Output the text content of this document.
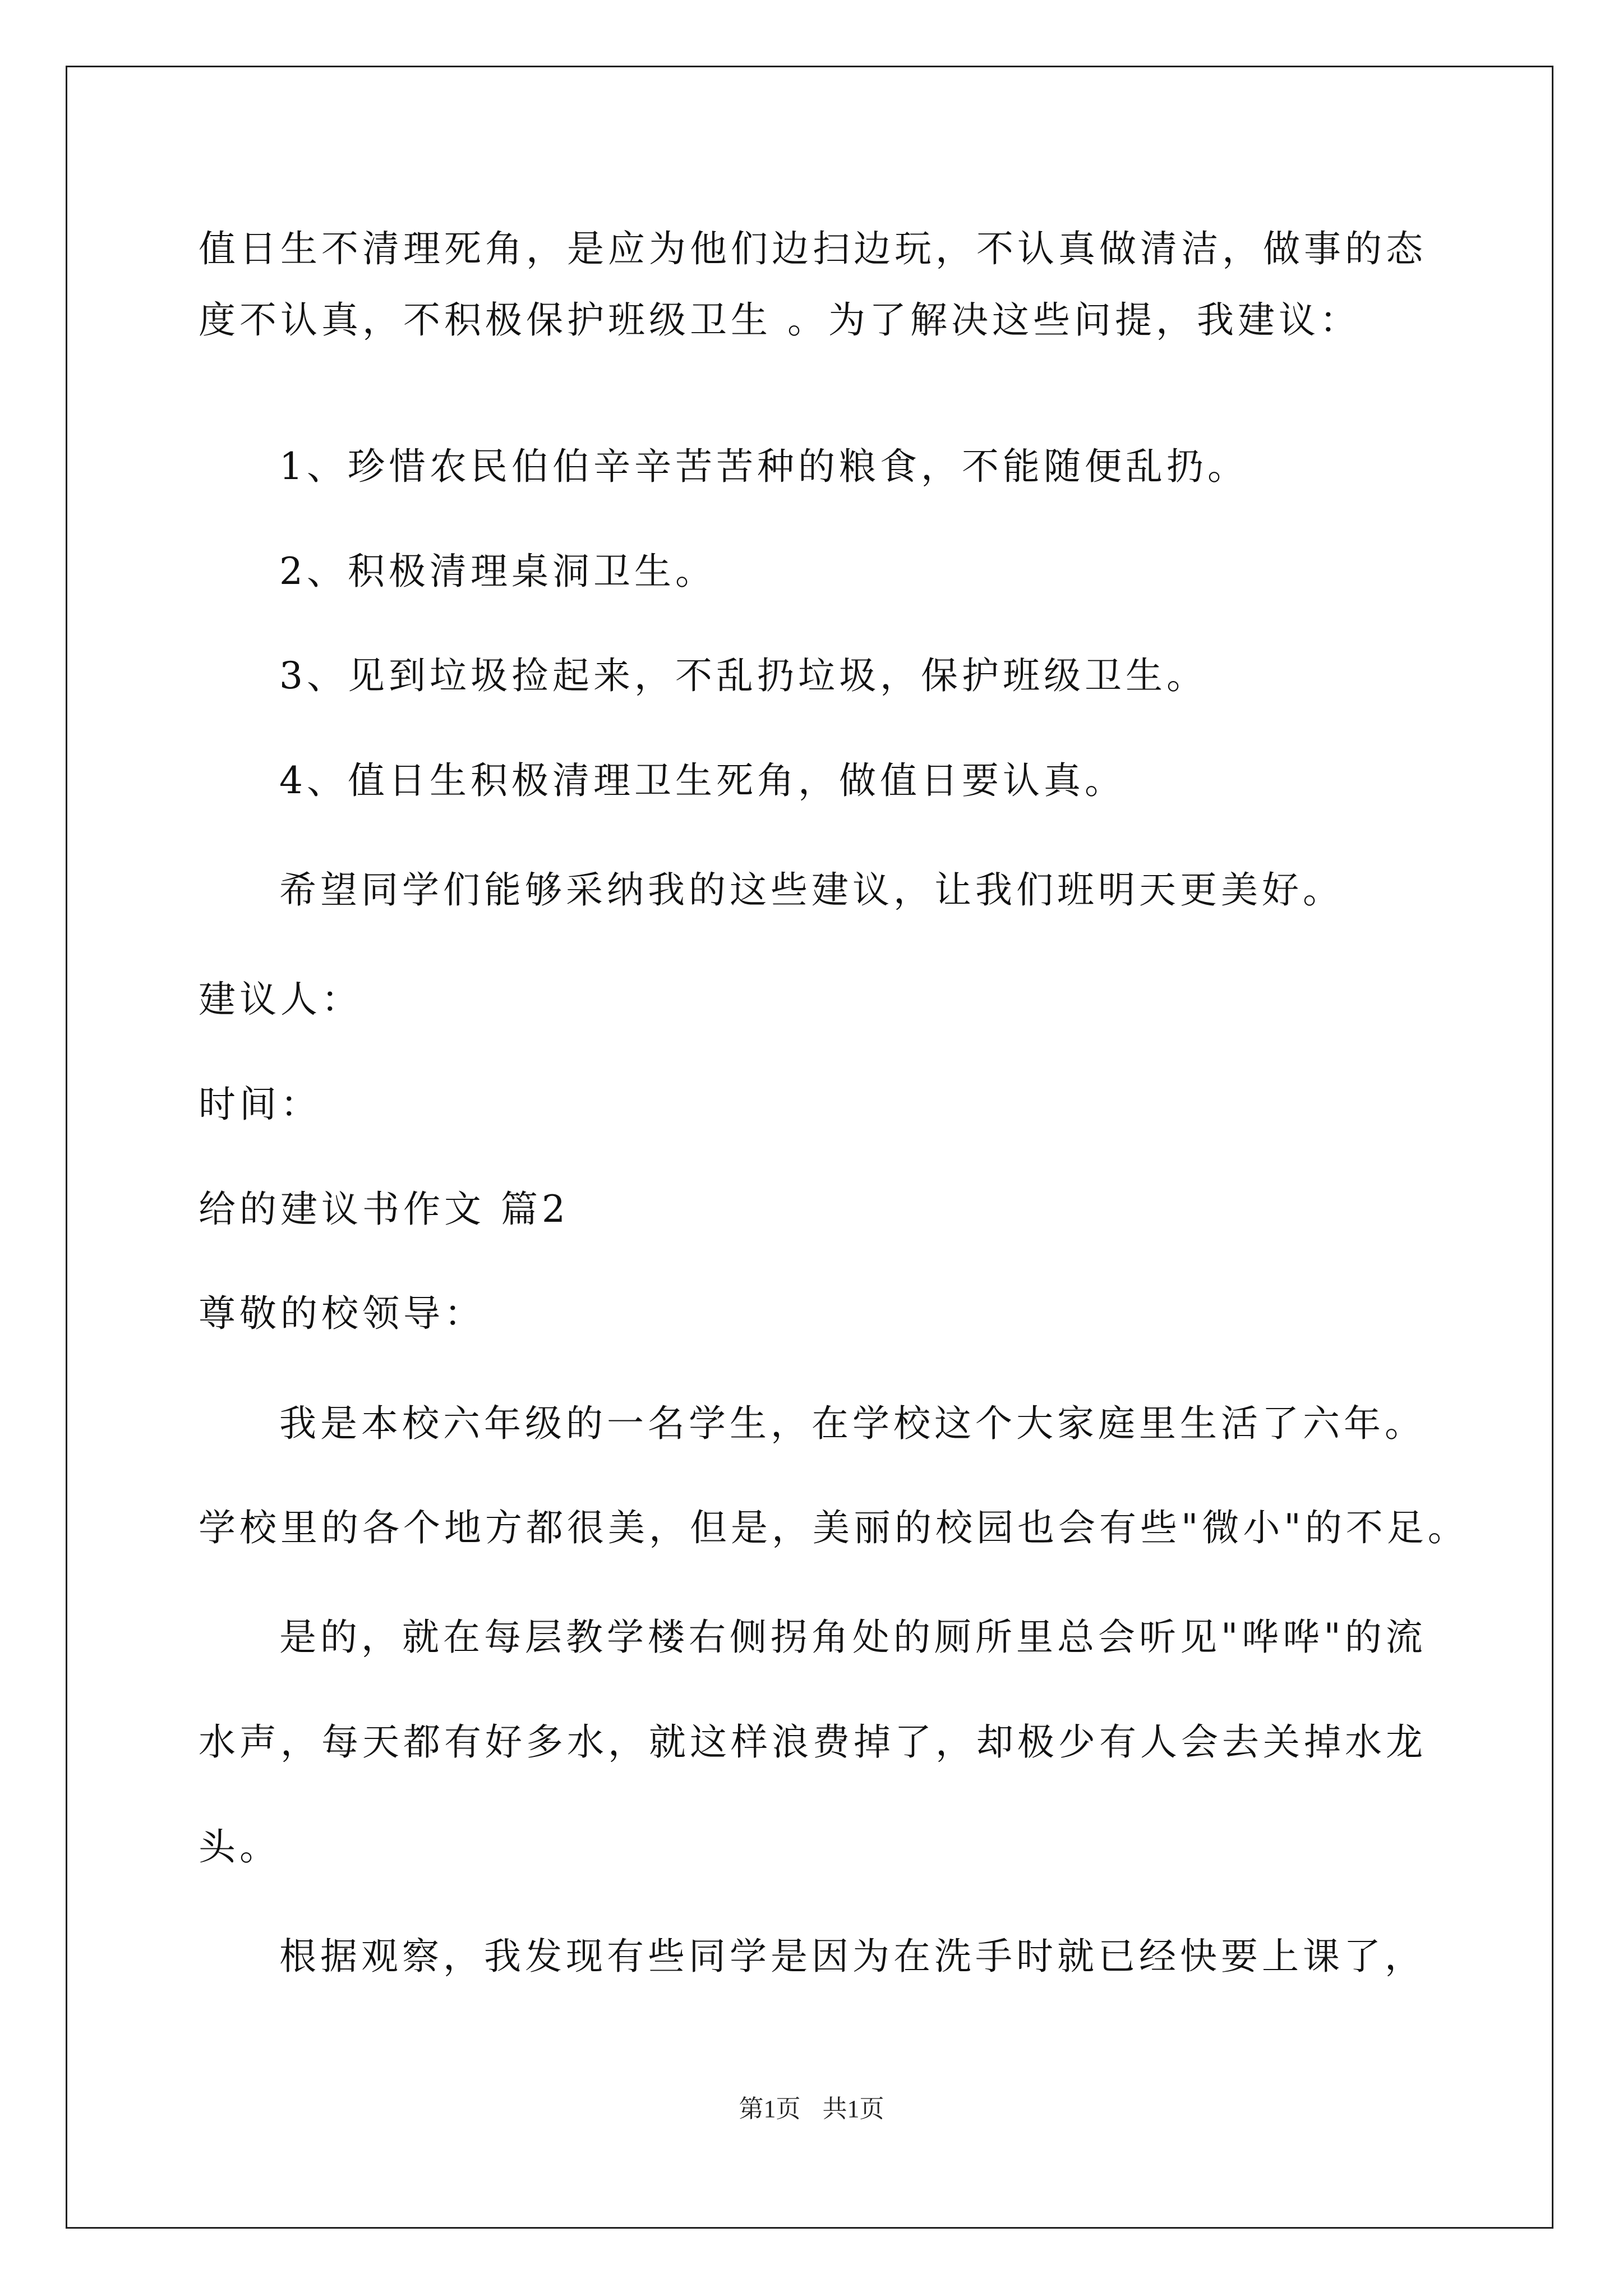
值日生不清理死角，是应为他们边扫边玩，不认真做清洁，做事的态

度不认真，不积极保护班级卫生 。为了解决这些问提，我建议：

1、珍惜农民伯伯辛辛苦苦种的粮食，不能随便乱扔。

2、积极清理桌洞卫生。

3、见到垃圾捡起来，不乱扔垃圾，保护班级卫生。

4、值日生积极清理卫生死角，做值日要认真。

希望同学们能够采纳我的这些建议，让我们班明天更美好。

建议人：

时间：

给的建议书作文 篇2

尊敬的校领导：

我是本校六年级的一名学生，在学校这个大家庭里生活了六年。

学校里的各个地方都很美，但是，美丽的校园也会有些"微小"的不足。

是的，就在每层教学楼右侧拐角处的厕所里总会听见"哗哗"的流

水声，每天都有好多水，就这样浪费掉了，却极少有人会去关掉水龙

头。

根据观察，我发现有些同学是因为在洗手时就已经快要上课了，

第1页 共1页
